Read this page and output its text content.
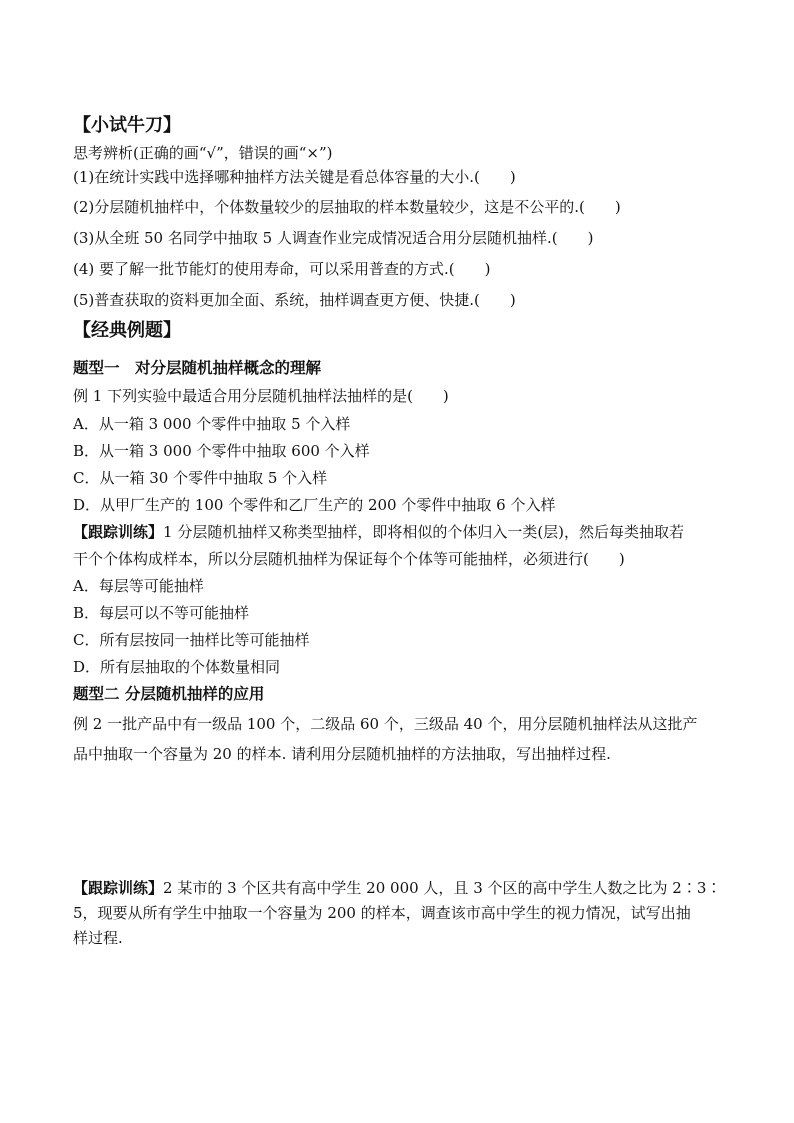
【小试牛刀】
思考辨析(正确的画“√”，错误的画“×”)
(1)在统计实践中选择哪种抽样方法关键是看总体容量的大小.(　　)
(2)分层随机抽样中，个体数量较少的层抽取的样本数量较少，这是不公平的.(　　)
(3)从全班 50 名同学中抽取 5 人调查作业完成情况适合用分层随机抽样.(　　)
(4) 要了解一批节能灯的使用寿命，可以采用普查的方式.(　　)
(5)普查获取的资料更加全面、系统，抽样调查更方便、快捷.(　　)
【经典例题】
题型一　对分层随机抽样概念的理解
例 1 下列实验中最适合用分层随机抽样法抽样的是(　　)
A．从一箱 3 000 个零件中抽取 5 个入样
B．从一箱 3 000 个零件中抽取 600 个入样
C．从一箱 30 个零件中抽取 5 个入样
D．从甲厂生产的 100 个零件和乙厂生产的 200 个零件中抽取 6 个入样
【跟踪训练】1 分层随机抽样又称类型抽样，即将相似的个体归入一类(层)，然后每类抽取若
干个个体构成样本，所以分层随机抽样为保证每个个体等可能抽样，必须进行(　　)
A．每层等可能抽样
B．每层可以不等可能抽样
C．所有层按同一抽样比等可能抽样
D．所有层抽取的个体数量相同
题型二 分层随机抽样的应用
例 2 一批产品中有一级品 100 个，二级品 60 个，三级品 40 个，用分层随机抽样法从这批产
品中抽取一个容量为 20 的样本. 请利用分层随机抽样的方法抽取，写出抽样过程.
【跟踪训练】2 某市的 3 个区共有高中学生 20 000 人，且 3 个区的高中学生人数之比为 2∶3∶
5，现要从所有学生中抽取一个容量为 200 的样本，调查该市高中学生的视力情况，试写出抽
样过程.
